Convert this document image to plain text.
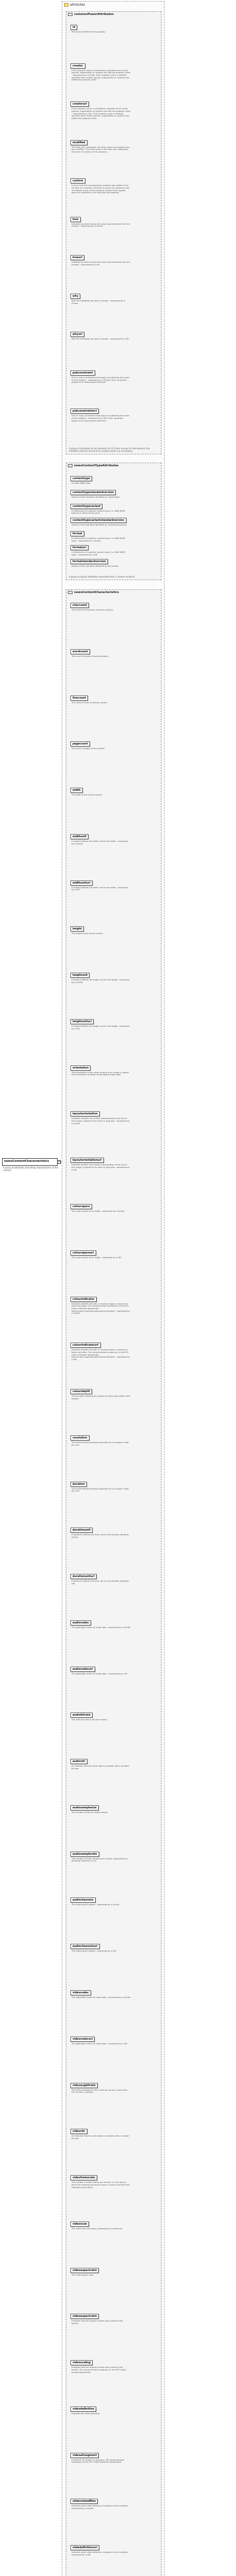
attributes
commonPowerAttributes
id
The local identifier of the property.
creator
If the property value is not defined, specifies which entity (person, organisation or system) will edit the property value - expressed by a QCode. If the property value is defined, specifies which entity (person, organisation or system) has edited the property value.
creatoruri
If the property value is not defined, specifies which entity (person, organisation or system) will edit the property value - expressed by a URI. If the property value is defined, specifies which entity (person, organisation or system) has edited the property value.
modified
The date (and, optionally, the time) when the property was last modified. The initial value is the date (and, optionally, the time) of creation of the property.
custom
If set to true the corresponding property was added to the G2 Item for a specific customer or group of customers only. The default value of this property is false which applies when this attribute is not used with the property.
how
Indicates by which means the value was extracted from the content - expressed by a QCode
howuri
Indicates by which means the value was extracted from the content - expressed by a URI
why
Why the metadata has been included - expressed by a QCode
whyuri
Why the metadata has been included - expressed by a URI
pubconstraint
One or many constraints that apply to publishing the value of the property - expressed by a QCode. Each constraint applies to all descendant elements.
pubconstrainturi
One or many constraints that apply to publishing the value of the property - expressed by a URI. Each constraint applies to all descendant elements.
A group of attributes for all elements of a G2 Item except its root element, the itemMeta element and all of its children which are mandatory.
newsContentTypeAttributes
contenttype
An IANA MIME type
contenttypestandardversion
Version of the standard identified by contenttype.
contenttypevariant
A refinement of a generic content type (i.e. IANA MIME type) by a literal string value.
contenttypevariantstandardversion
Version of the standard identified by contenttypevariant.
format
A refinement of a generic content type (i.e. IANA MIME type) - expressed by a QCode
formaturi
A refinement of a generic content type (i.e. IANA MIME type) - expressed by a URI
formatstandardversion
Version of the standard identified by the format.
A group of typical attributes associated with a content rendition
newsContentCharacteristics
charcount
The count of characters of textual content.
wordcount
The count of words of textual content.
linecount
The count of lines of textual content
pagecount
The count of pages of the content
width
The width of the visual content.
widthunit
If present defines the width unit for the width - expressed by a QCode
widthunituri
If present defines the width unit for the width - expressed by a URI
height
The height of the visual content.
heightunit
If present defines the height unit for the heigth - expressed by a QCode
heightunituri
If present defines the height unit for the heigth - expressed by a URI
orientation
The orientation of the visual content of an image in regard to the standard rendition of the digital image data
layoutorientation
Indicates whether the human interpretation of the top of the image is aligned to its short or long side - expressed by a QCode
layoutorientationuri
Indicates whether the human interpretation of the top of the image is aligned to its short or long side - expressed by a URI
colourspace
The colour space of an image - expressed by a QCode
colourspaceuri
The colour space of an image - expressed by a URI
colourindicator
Indicates whether the still or moving image is coloured or black and white. The recommended vocabulary is the IPTC Colour Indicator NewsCodes http://cv.iptc.org/newscodes/colourindicator/ - expressed by a QCode
colourindicatoruri
Indicates whether the still or moving image is coloured or black and white. The recommended vocabulary is the IPTC Colour Indicator NewsCodes http://cv.iptc.org/newscodes/colourindicator/ - expressed by a URI
colourdepth
The bit depth defining the spread of colour data within each sample.
resolution
The recommended printing resolution for an image in dots per inch
duration
The recommended printing resolution for an image in dots per inch
durationunit
If present it defines the time unit for the duration attribute. QCode
durationunituri
If present it defines the time unit for the duration attribute. URI
audiocodec
The applicable codec for audio data - expressed by a QCode
audiocodecuri
The applicable codec for audio data - expressed by a URI
audiobitrate
The audio bit rate in bits per second
audiovbr
An indicator that the audio data is encoded with a variable bit rate
audiosamplesize
The number of bits per audio sample
audiosamplerate
The number of audio samples per second, expressed as a sampling frequency in Hz
audiochannels
The audio sound system - expressed by a QCode
audiochannelsuri
The audio sound system - expressed by a URI
videocodec
The applicable codec for video data - expressed by a QCode
videocodecuri
The applicable codec for video data - expressed by a URI
videoavgbitrate
The video average bit rate in bits per second. Used when the bit rate is variable
videovbr
An indicator that the video data is encoded with a variable bit rate
videoframerate
The number of video frames per second, i.e. the rate at which the material should be shown in order to achieve the intended visual effect
videoscan
The video scan technique, progressive or interlaced
videoaspectratio
The video aspect ratio
videoaspectratio
Indicates how the original content was scaled to this format.
videoscaling
Indicates how the original content was scaled to this format. The recommended vocabulary is the IPTC Video Scaling NewsCodes
videodefinition
Indicates the video definition
videoaltsegment
If present, the video is a segment. The recommended vocabulary is the IPTC Video Definition NewsCodes
sliderelatedfiles
Indicates which slide definition is applied to this rendition - expressed by a QCode
slidedefinitionuri
Indicates which slide definition is applied to this rendition - expressed by a URI
newsContentCharacteristics	+
A group of attributes describing characteristics of the content.
